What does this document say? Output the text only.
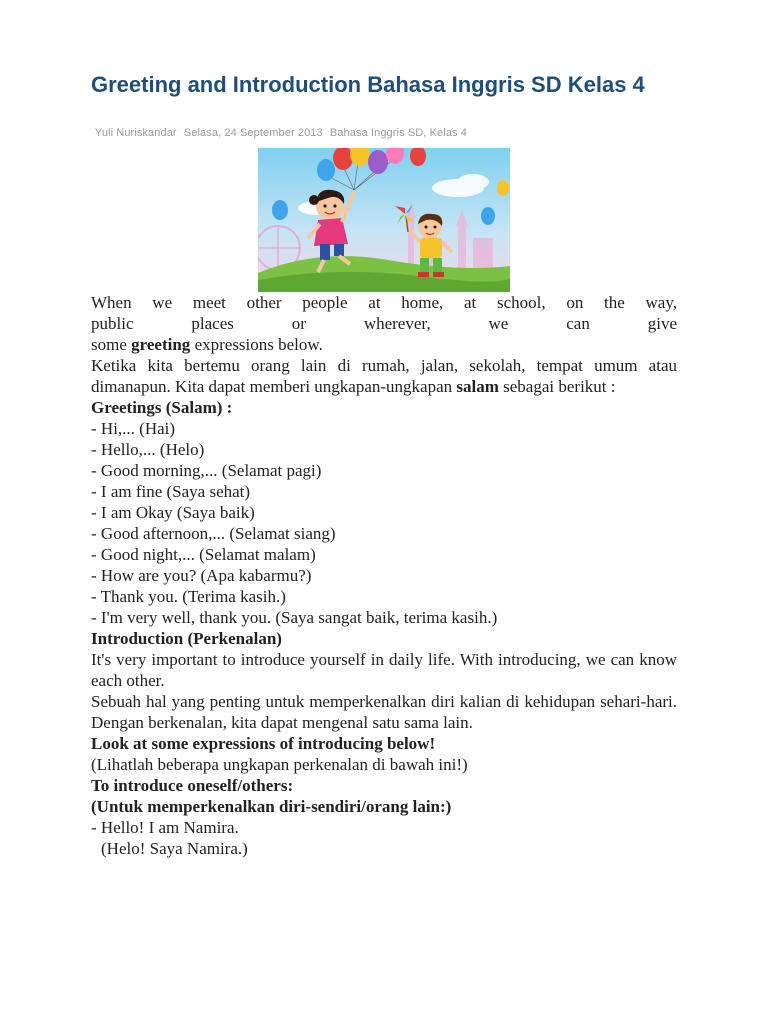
Greeting and Introduction Bahasa Inggris SD Kelas 4
Yuli Nuriskandar Selasa, 24 September 2013 Bahasa Inggris SD, Kelas 4

When we meet other people at home, at school, on the way,

public places or wherever, we can give

some greeting expressions below.

Ketika kita bertemu orang lain di rumah, jalan, sekolah, tempat umum atau dimanapun. Kita dapat memberi ungkapan-ungkapan salam sebagai berikut :

Greetings (Salam) :

- Hi,... (Hai)

- Hello,... (Helo)

- Good morning,... (Selamat pagi)

- I am fine (Saya sehat)

- I am Okay (Saya baik)

- Good afternoon,... (Selamat siang)

- Good night,... (Selamat malam)

- How are you? (Apa kabarmu?)

- Thank you. (Terima kasih.)

- I'm very well, thank you. (Saya sangat baik, terima kasih.)

Introduction (Perkenalan)

It's very important to introduce yourself in daily life. With introducing, we can know each other.

Sebuah hal yang penting untuk memperkenalkan diri kalian di kehidupan sehari-hari. Dengan berkenalan, kita dapat mengenal satu sama lain.

Look at some expressions of introducing below!

(Lihatlah beberapa ungkapan perkenalan di bawah ini!)

To introduce oneself/others:

(Untuk memperkenalkan diri-sendiri/orang lain:)

- Hello! I am Namira.

(Helo! Saya Namira.)
